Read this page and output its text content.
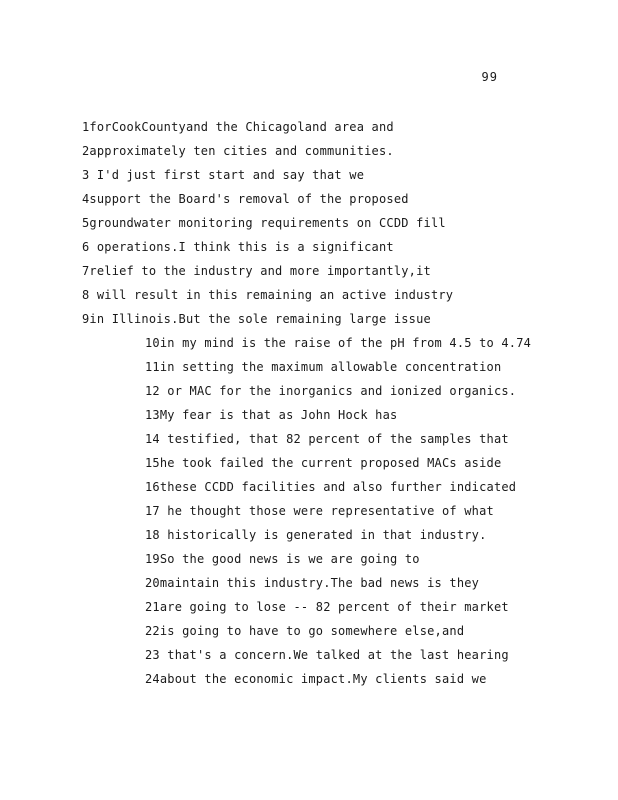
99
1forCookCountyand the Chicagoland area and
2approximately ten cities and communities.
3 I'd just first start and say that we
4support the Board's removal of the proposed
5groundwater monitoring requirements on CCDD fill
6 operations.I think this is a significant
7relief to the industry and more importantly,it
8 will result in this remaining an active industry
9in Illinois.But the sole remaining large issue
10in my mind is the raise of the pH from 4.5 to 4.74
11in setting the maximum allowable concentration
12 or MAC for the inorganics and ionized organics.
13My fear is that as John Hock has
14 testified, that 82 percent of the samples that
15he took failed the current proposed MACs aside
16these CCDD facilities and also further indicated
17 he thought those were representative of what
18 historically is generated in that industry.
19So the good news is we are going to
20maintain this industry.The bad news is they
21are going to lose -- 82 percent of their market
22is going to have to go somewhere else,and
23 that's a concern.We talked at the last hearing
24about the economic impact.My clients said we
